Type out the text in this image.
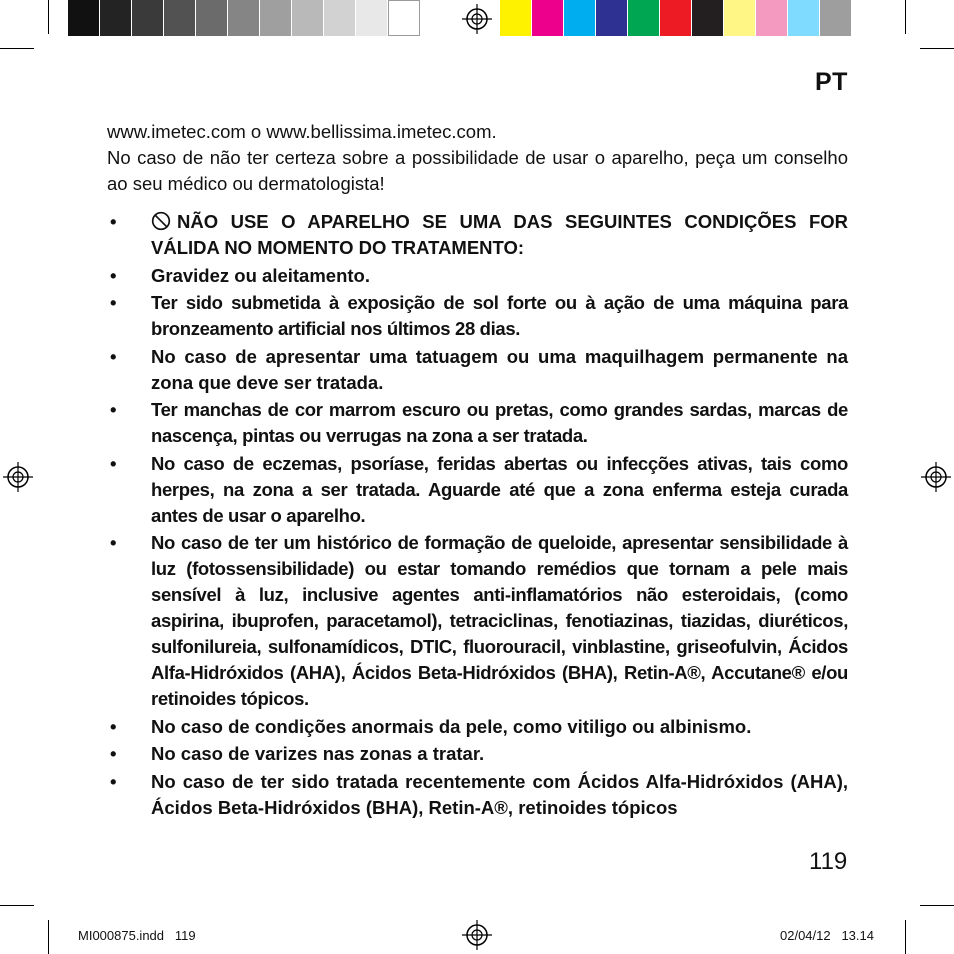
PT

www.imetec.com o www.bellissima.imetec.com.

No caso de não ter certeza sobre a possibilidade de usar o aparelho, peça um conselho ao seu médico ou dermatologista!

•	NÃO USE O APARELHO SE UMA DAS SEGUINTES CONDIÇÕES FOR VÁLIDA NO MOMENTO DO TRATAMENTO:
• Gravidez ou aleitamento.
• Ter sido submetida à exposição de sol forte ou à ação de uma máquina para bronzeamento artificial nos últimos 28 dias.
• No caso de apresentar uma tatuagem ou uma maquilhagem permanente na zona que deve ser tratada.
• Ter manchas de cor marrom escuro ou pretas, como grandes sardas, marcas de nascença, pintas ou verrugas na zona a ser tratada.
• No caso de eczemas, psoríase, feridas abertas ou infecções ativas, tais como herpes, na zona a ser tratada. Aguarde até que a zona enferma esteja curada antes de usar o aparelho.
• No caso de ter um histórico de formação de queloide, apresentar sensibilidade à luz (fotossensibilidade) ou estar tomando remédios que tornam a pele mais sensível à luz, inclusive agentes anti-inflamatórios não esteroidais, (como aspirina, ibuprofen, paracetamol), tetraciclinas, fenotiazinas, tiazidas, diuréticos, sulfonilureia, sulfonamídicos, DTIC, fluorouracil, vinblastine, griseofulvin, Ácidos Alfa-Hidróxidos (AHA), Ácidos Beta-Hidróxidos (BHA), Retin-A®, Accutane® e/ou retinoides tópicos.
• No caso de condições anormais da pele, como vitiligo ou albinismo.
• No caso de varizes nas zonas a tratar.
• No caso de ter sido tratada recentemente com Ácidos Alfa-Hidróxidos (AHA), Ácidos Beta-Hidróxidos (BHA), Retin-A®, retinoides tópicos
119
MI000875.indd   119	02/04/12   13.14
